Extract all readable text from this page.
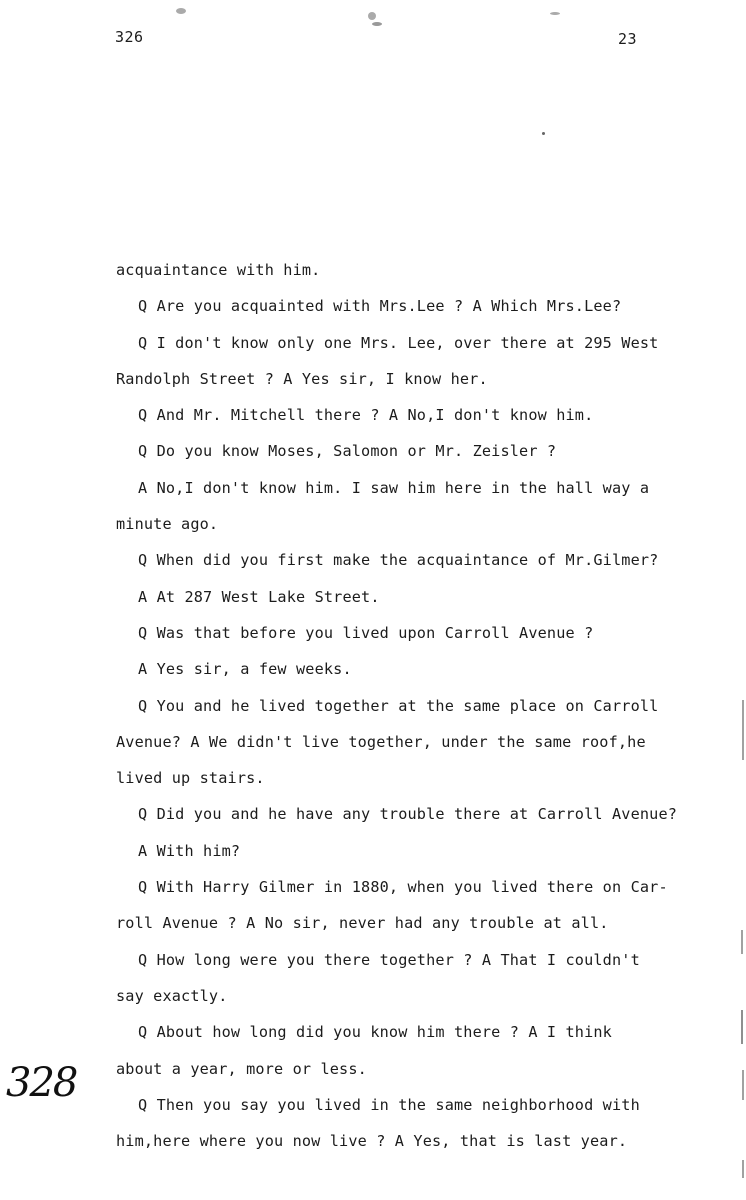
326	23
acquaintance with him.
Q Are you acquainted with Mrs.Lee ? A Which Mrs.Lee?
Q I don't know only one Mrs. Lee, over there at 295 West
Randolph Street ? A Yes sir, I know her.
Q And Mr. Mitchell there ? A No,I don't know him.
Q Do you know Moses, Salomon or Mr. Zeisler ?
A No,I don't know him. I saw him here in the hall way a
minute ago.
Q When did you first make the acquaintance of Mr.Gilmer?
A At 287 West Lake Street.
Q Was that before you lived upon Carroll Avenue ?
A Yes sir, a few weeks.
Q You and he lived together at the same place on Carroll
Avenue? A We didn't live together, under the same roof,he
lived up stairs.
Q Did you and he have any trouble there at Carroll Avenue?
A With him?
Q With Harry Gilmer in 1880, when you lived there on Car-
roll Avenue ? A No sir, never had any trouble at all.
Q How long were you there together ? A That I couldn't
say exactly.
Q About how long did you know him there ? A I think
about a year, more or less.
Q Then you say you lived in the same neighborhood with
him,here where you now live ? A Yes, that is last year.
328
